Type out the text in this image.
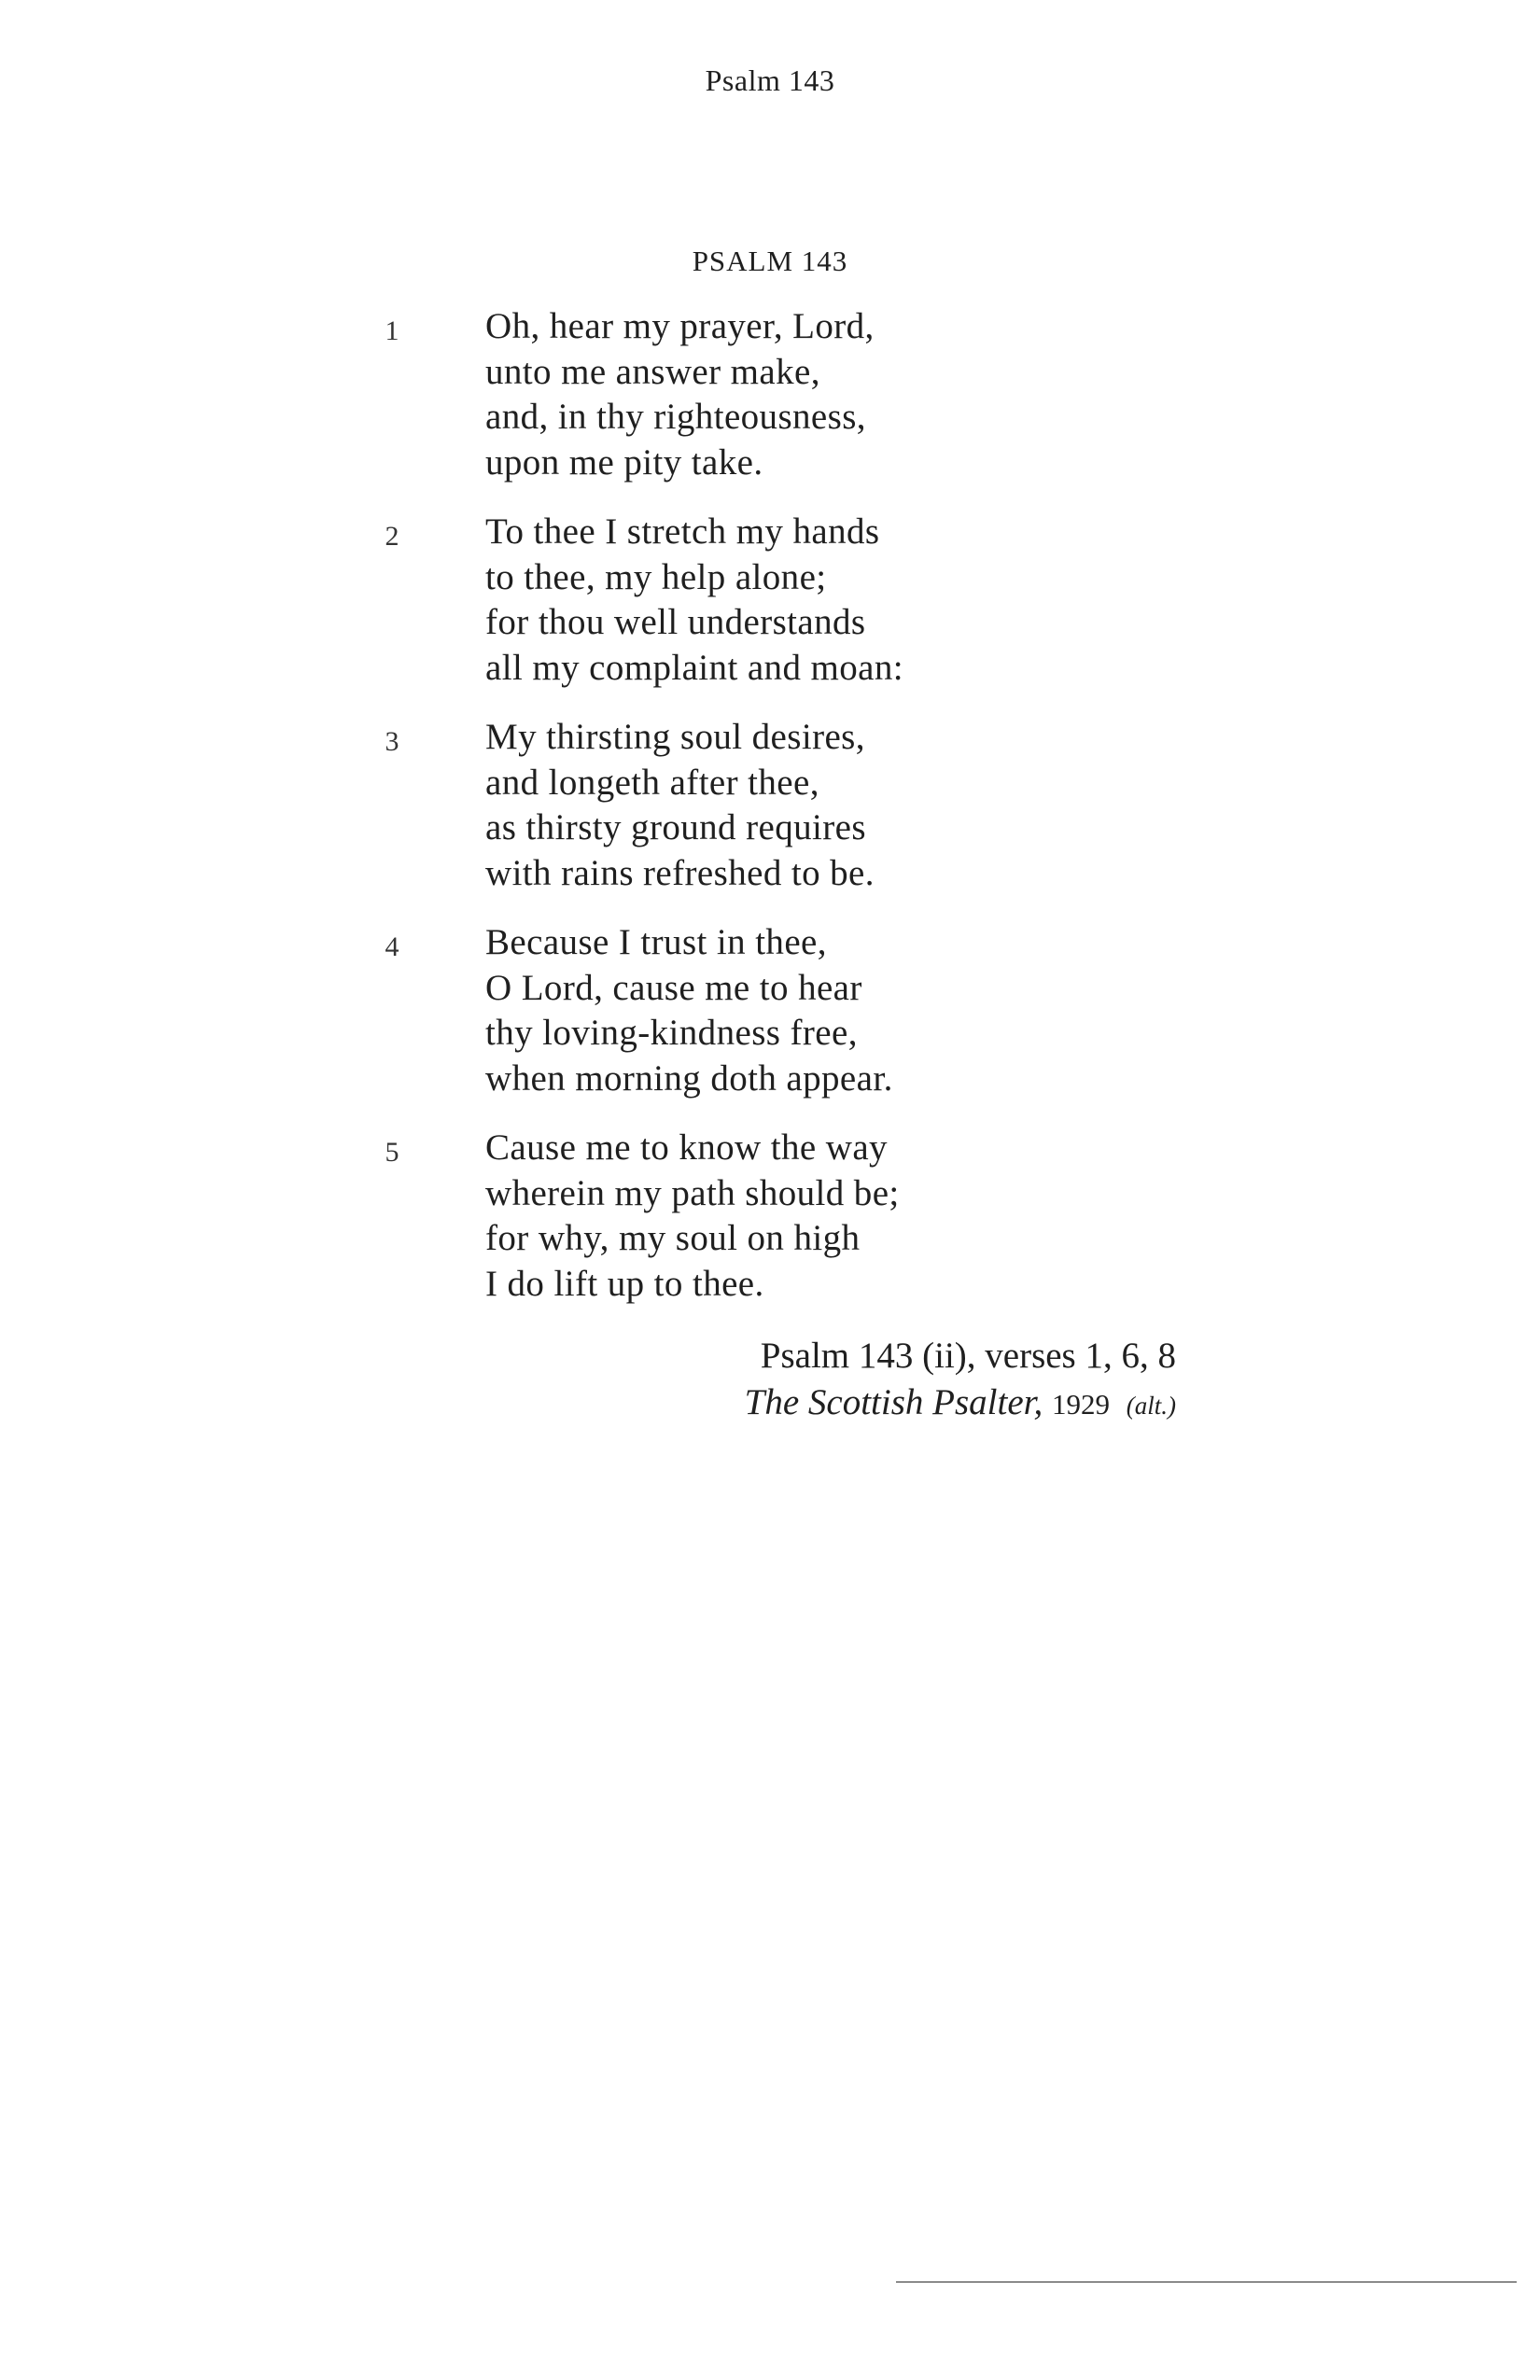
Psalm 143
PSALM 143
1	Oh, hear my prayer, Lord,
unto me answer make,
and, in thy righteousness,
upon me pity take.
2	To thee I stretch my hands
to thee, my help alone;
for thou well understands
all my complaint and moan:
3	My thirsting soul desires,
and longeth after thee,
as thirsty ground requires
with rains refreshed to be.
4	Because I trust in thee,
O Lord, cause me to hear
thy loving-kindness free,
when morning doth appear.
5	Cause me to know the way
wherein my path should be;
for why, my soul on high
I do lift up to thee.
Psalm 143 (ii), verses 1, 6, 8
The Scottish Psalter, 1929 (alt.)
